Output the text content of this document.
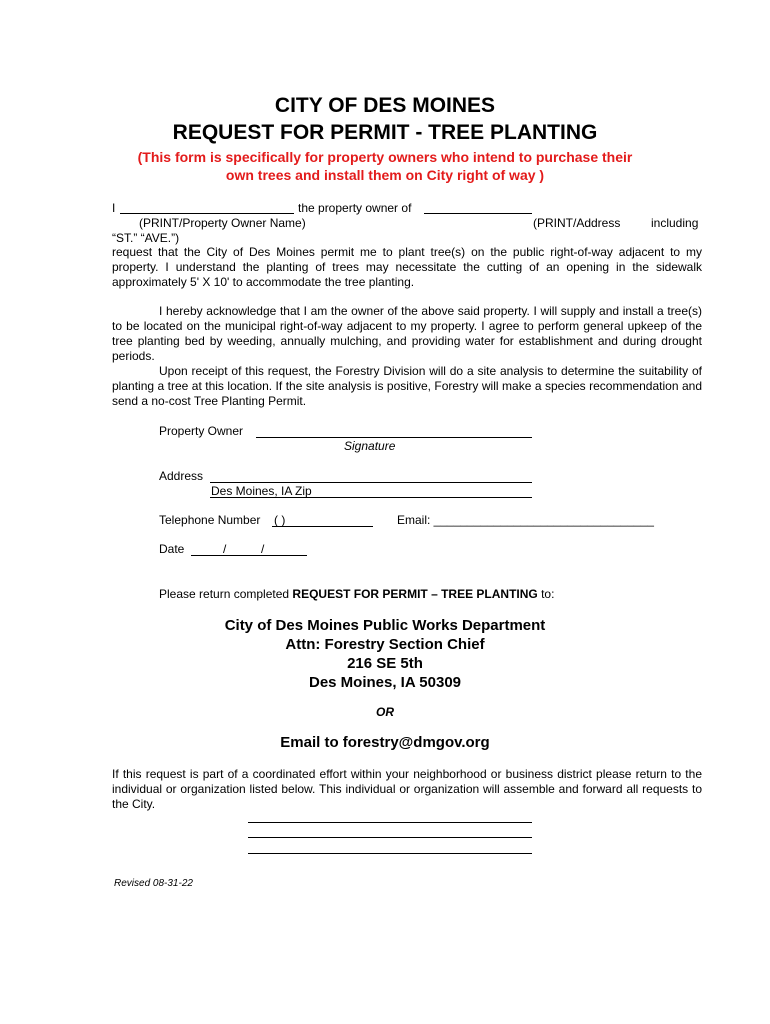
CITY OF DES MOINES
REQUEST FOR PERMIT - TREE PLANTING
(This form is specifically for property owners who intend to purchase their
own trees and install them on City right of way )
I	the property owner of
(PRINT/Property Owner Name)	(PRINT/Address	including
“ST.” “AVE.”)
request that the City of Des Moines permit me to plant tree(s) on the public right-of-way adjacent to my property. I understand the planting of trees may necessitate the cutting of an opening in the sidewalk approximately 5' X 10' to accommodate the tree planting.
I hereby acknowledge that I am the owner of the above said property. I will supply and install a tree(s) to be located on the municipal right-of-way adjacent to my property. I agree to perform general upkeep of the tree planting bed by weeding, annually mulching, and providing water for establishment and during drought periods.
Upon receipt of this request, the Forestry Division will do a site analysis to determine the suitability of planting a tree at this location. If the site analysis is positive, Forestry will make a species recommendation and send a no-cost Tree Planting Permit.
Property Owner
Signature
Address
Des Moines, IA Zip
Telephone Number ( )	Email: _________________________________
Date	/	/
Please return completed REQUEST FOR PERMIT – TREE PLANTING to:
City of Des Moines Public Works Department
Attn: Forestry Section Chief
216 SE 5th
Des Moines, IA 50309
OR
Email to forestry@dmgov.org
If this request is part of a coordinated effort within your neighborhood or business district please return to the individual or organization listed below. This individual or organization will assemble and forward all requests to the City.
Revised 08-31-22
